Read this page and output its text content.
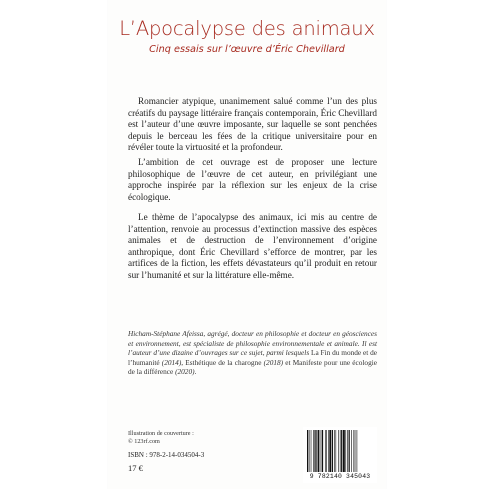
L’Apocalypse des animaux
Cinq essais sur l’œuvre d’Éric Chevillard

Romancier atypique, unanimement salué comme l’un des plus créatifs du paysage littéraire français contemporain, Éric Chevillard est l’auteur d’une œuvre imposante, sur laquelle se sont penchées depuis le berceau les fées de la critique universitaire pour en révéler toute la virtuosité et la profondeur.

L’ambition de cet ouvrage est de proposer une lecture philosophique de l’œuvre de cet auteur, en privilégiant une approche inspirée par la réflexion sur les enjeux de la crise écologique.

Le thème de l’apocalypse des animaux, ici mis au centre de l’attention, renvoie au processus d’extinction massive des espèces animales et de destruction de l’environnement d’origine anthropique, dont Éric Chevillard s’efforce de montrer, par les artifices de la fiction, les effets dévastateurs qu’il produit en retour sur l’humanité et sur la littérature elle-même.

Hicham-Stéphane Afeissa, agrégé, docteur en philosophie et docteur en géosciences et environnement, est spécialiste de philosophie environnementale et animale. Il est l’auteur d’une dizaine d’ouvrages sur ce sujet, parmi lesquels La Fin du monde et de l’humanité (2014), Esthétique de la charogne (2018) et Manifeste pour une écologie de la différence (2020).

Illustration de couverture :
© 123rf.com
ISBN : 978-2-14-034504-3
17 €
9 782140 345043
